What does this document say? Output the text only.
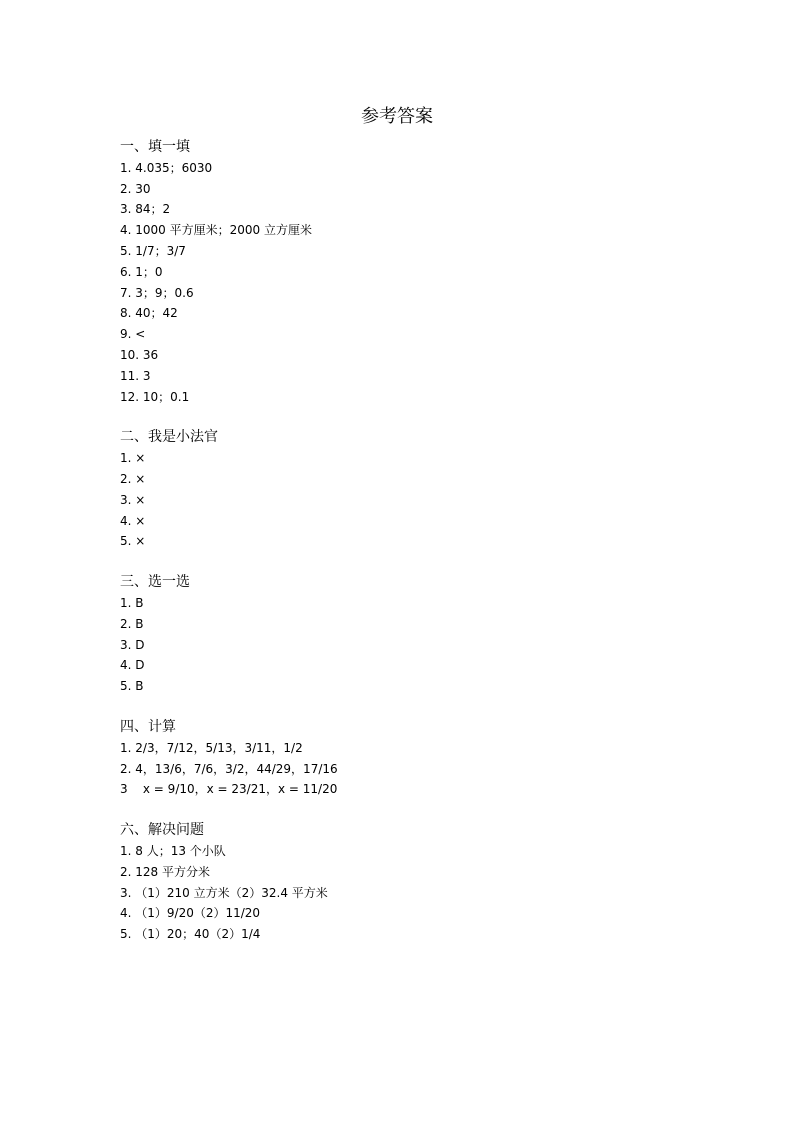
参考答案
一、填一填
1. 4.035；6030
2. 30
3. 84；2
4. 1000 平方厘米；2000 立方厘米
5. 1/7；3/7
6. 1；0
7. 3；9；0.6
8. 40；42
9. <
10. 36
11. 3
12. 10；0.1
二、我是小法官
1. ×
2. ×
3. ×
4. ×
5. ×
三、选一选
1. B
2. B
3. D
4. D
5. B
四、计算
1. 2/3，7/12，5/13，3/11，1/2
2. 4，13/6，7/6，3/2，44/29，17/16
3    x = 9/10，x = 23/21，x = 11/20
六、解决问题
1. 8 人；13 个小队
2. 128 平方分米
3. （1）210 立方米（2）32.4 平方米
4. （1）9/20（2）11/20
5. （1）20；40（2）1/4
